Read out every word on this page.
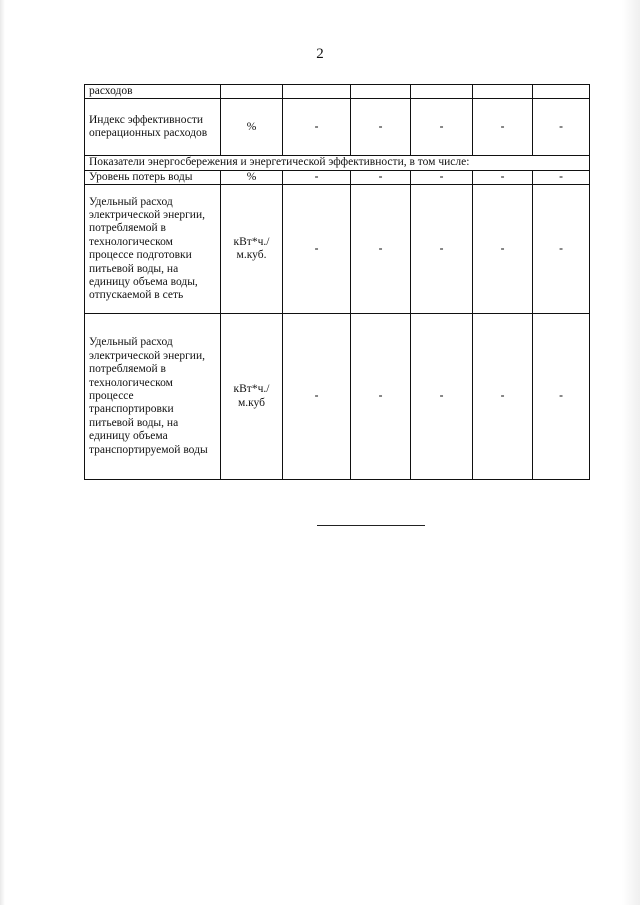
2
расходов						
Индекс эффективности операционных расходов	%	-	-	-	-	-
Показатели энергосбережения и энергетической эффективности, в том числе:						
Уровень потерь воды	%	-	-	-	-	-
Удельный расход электрической энергии, потребляемой в технологическом процессе подготовки питьевой воды, на единицу объема воды, отпускаемой в сеть	кВт*ч./м.куб.	-	-	-	-	-
Удельный расход электрической энергии, потребляемой в технологическом процессе транспортировки питьевой воды, на единицу объема транспортируемой воды	кВт*ч./м.куб	-	-	-	-	-
